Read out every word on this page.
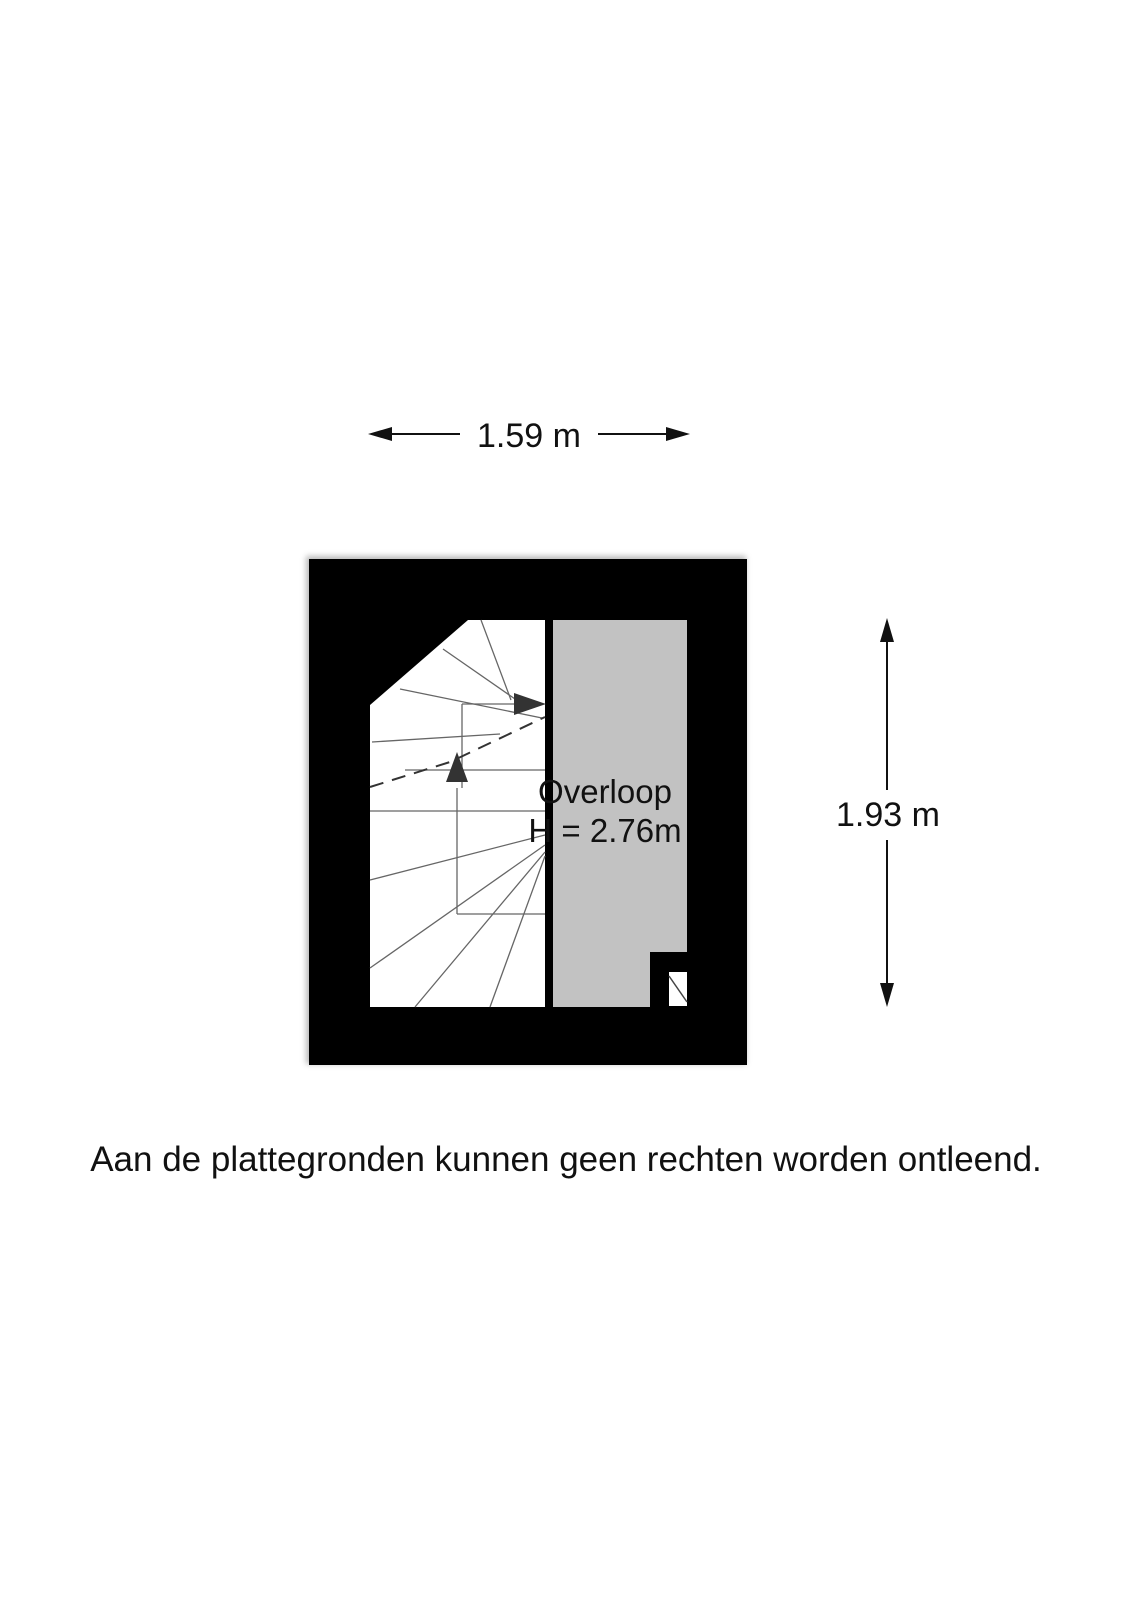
1.59 m
1.93 m
Overloop
H = 2.76m
Aan de plattegronden kunnen geen rechten worden ontleend.
